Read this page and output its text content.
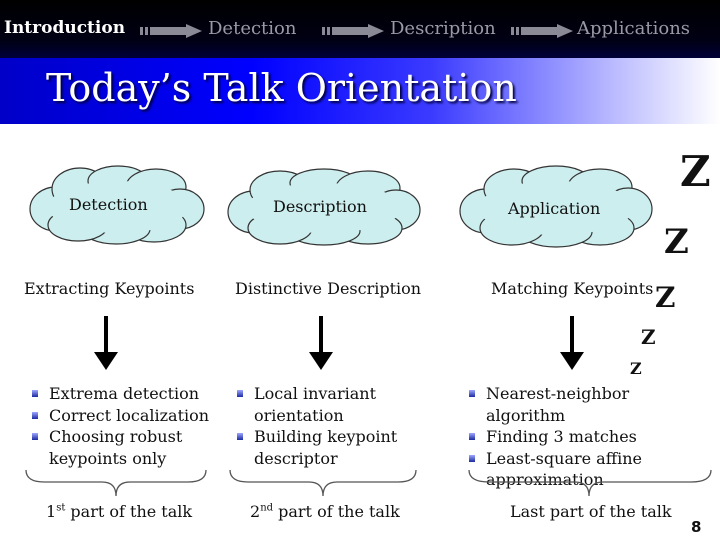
Introduction	Detection	Description	Applications
Today’s Talk Orientation
Detection	Description	Application
Extracting Keypoints	Distinctive Description	Matching Keypoints
Extrema detection
Correct localization
Choosing robust keypoints only
Local invariant orientation
Building keypoint descriptor
Nearest-neighbor algorithm
Finding 3 matches
Least-square affine approximation
1st part of the talk	2nd part of the talk	Last part of the talk
Z
Z
Z
Z
Z
8
